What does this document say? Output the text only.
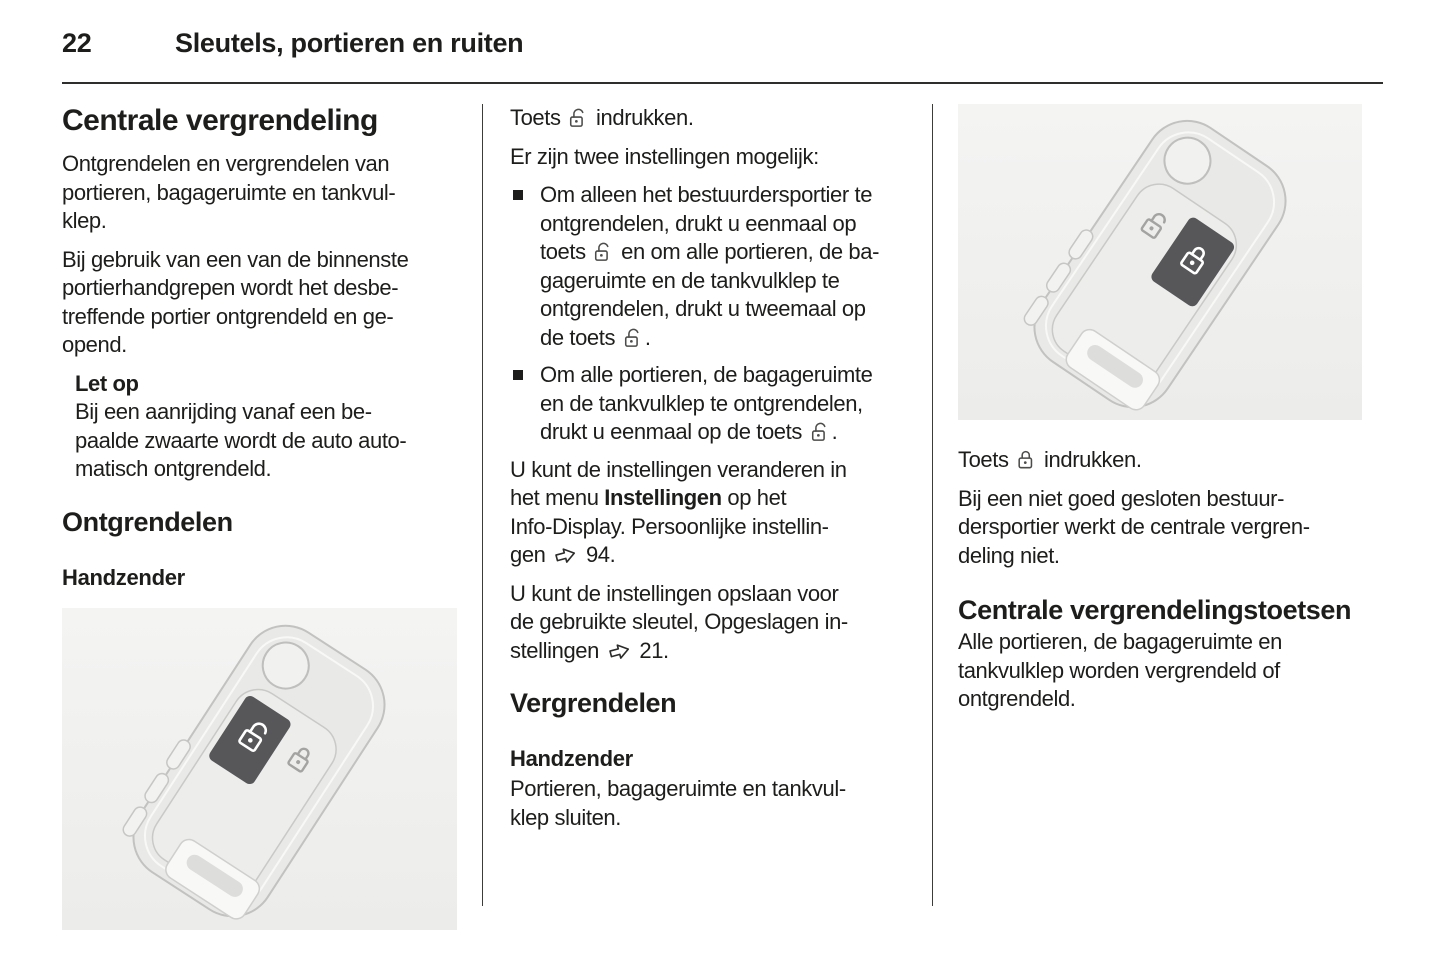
22	Sleutels, portieren en ruiten
Centrale vergrendeling

Ontgrendelen en vergrendelen van
portieren, bagageruimte en tankvul-
klep.

Bij gebruik van een van de binnenste
portierhandgrepen wordt het desbe-
treffende portier ontgrendeld en ge-
opend.

Let op
Bij een aanrijding vanaf een be-
paalde zwaarte wordt de auto auto-
matisch ontgrendeld.
Ontgrendelen
Handzender

Toets indrukken.

Er zijn twee instellingen mogelijk:

Om alleen het bestuurdersportier te
ontgrendelen, drukt u eenmaal op
toets en om alle portieren, de ba-
gageruimte en de tankvulklep te
ontgrendelen, drukt u tweemaal op
de toets .
Om alle portieren, de bagageruimte
en de tankvulklep te ontgrendelen,
drukt u eenmaal op de toets .

U kunt de instellingen veranderen in
het menu Instellingen op het
Info-Display. Persoonlijke instellin-
gen 94.

U kunt de instellingen opslaan voor
de gebruikte sleutel, Opgeslagen in-
stellingen 21.

Vergrendelen
Handzender

Portieren, bagageruimte en tankvul-
klep sluiten.

Toets indrukken.

Bij een niet goed gesloten bestuur-
dersportier werkt de centrale vergren-
deling niet.

Centrale vergrendelingstoetsen

Alle portieren, de bagageruimte en
tankvulklep worden vergrendeld of
ontgrendeld.
